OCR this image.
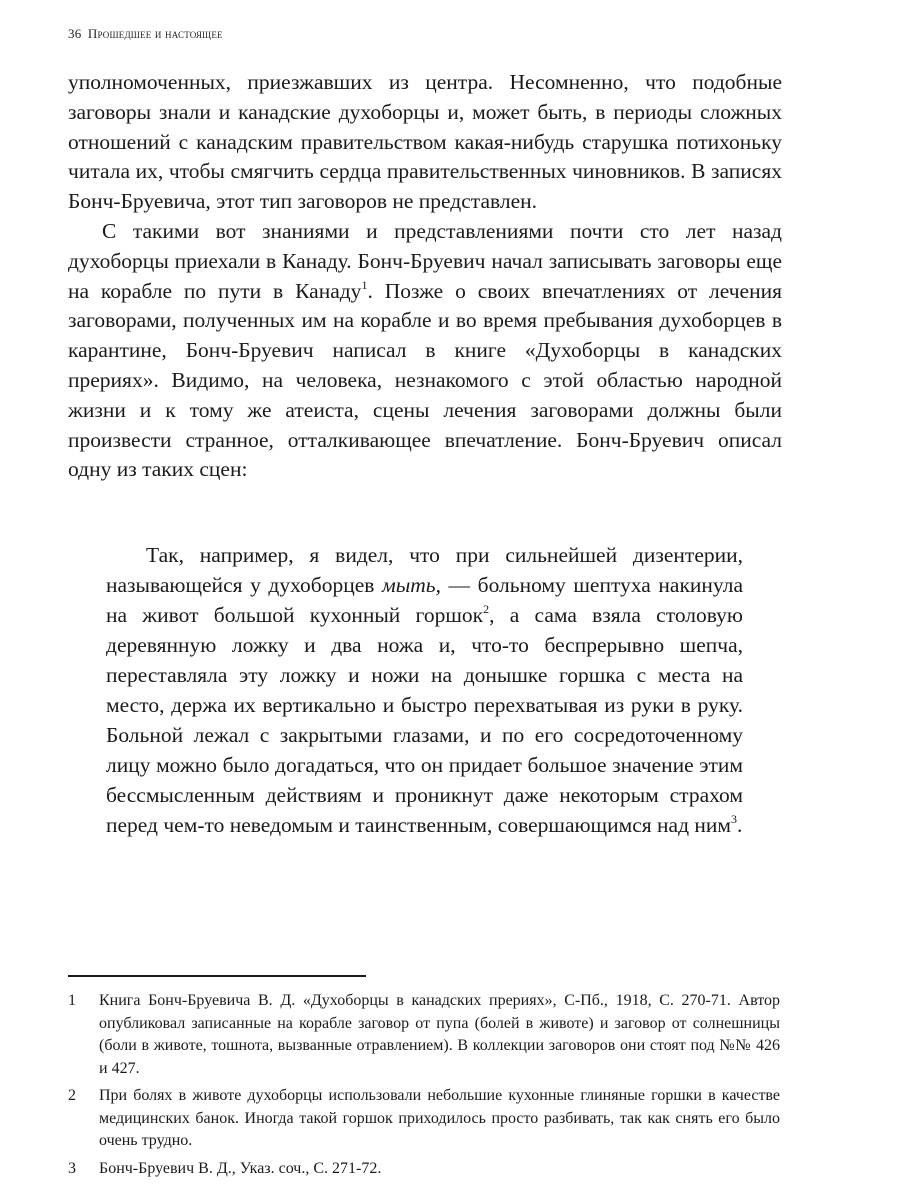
36 Прошедшее и настоящее

уполномоченных, приезжавших из центра. Несомненно, что подобные заговоры знали и канадские духоборцы и, может быть, в периоды сложных отношений с канадским правительством какая-нибудь старушка потихоньку читала их, чтобы смягчить сердца правительственных чиновников. В записях Бонч-Бруевича, этот тип заговоров не представлен.

С такими вот знаниями и представлениями почти сто лет назад духоборцы приехали в Канаду. Бонч-Бруевич начал записывать заговоры еще на корабле по пути в Канаду$^1$. Позже о своих впечатлениях от лечения заговорами, полученных им на корабле и во время пребывания духоборцев в карантине, Бонч-Бруевич написал в книге «Духоборцы в канадских прериях». Видимо, на человека, незнакомого с этой областью народной жизни и к тому же атеиста, сцены лечения заговорами должны были произвести странное, отталкивающее впечатление. Бонч-Бруевич описал одну из таких сцен:

Так, например, я видел, что при сильнейшей дизентерии, называющейся у духоборцев мыть, — больному шептуха накинула на живот большой кухонный горшок$^2$, а сама взяла столовую деревянную ложку и два ножа и, что-то беспрерывно шепча, переставляла эту ложку и ножи на донышке горшка с места на место, держа их вертикально и быстро перехватывая из руки в руку. Больной лежал с закрытыми глазами, и по его сосредоточенному лицу можно было догадаться, что он придает большое значение этим бессмысленным действиям и проникнут даже некоторым страхом перед чем-то неведомым и таинственным, совершающимся над ним$^3$.

1	Книга Бонч-Бруевича В. Д. «Духоборцы в канадских прериях», С-Пб., 1918, С. 270-71. Автор опубликовал записанные на корабле заговор от пупа (болей в животе) и заговор от солнешницы (боли в животе, тошнота, вызванные отравлением). В коллекции заговоров они стоят под №№ 426 и 427.
2	При болях в животе духоборцы использовали небольшие кухонные глиняные горшки в качестве медицинских банок. Иногда такой горшок приходилось просто разбивать, так как снять его было очень трудно.
3	Бонч-Бруевич В. Д., Указ. соч., С. 271-72.
